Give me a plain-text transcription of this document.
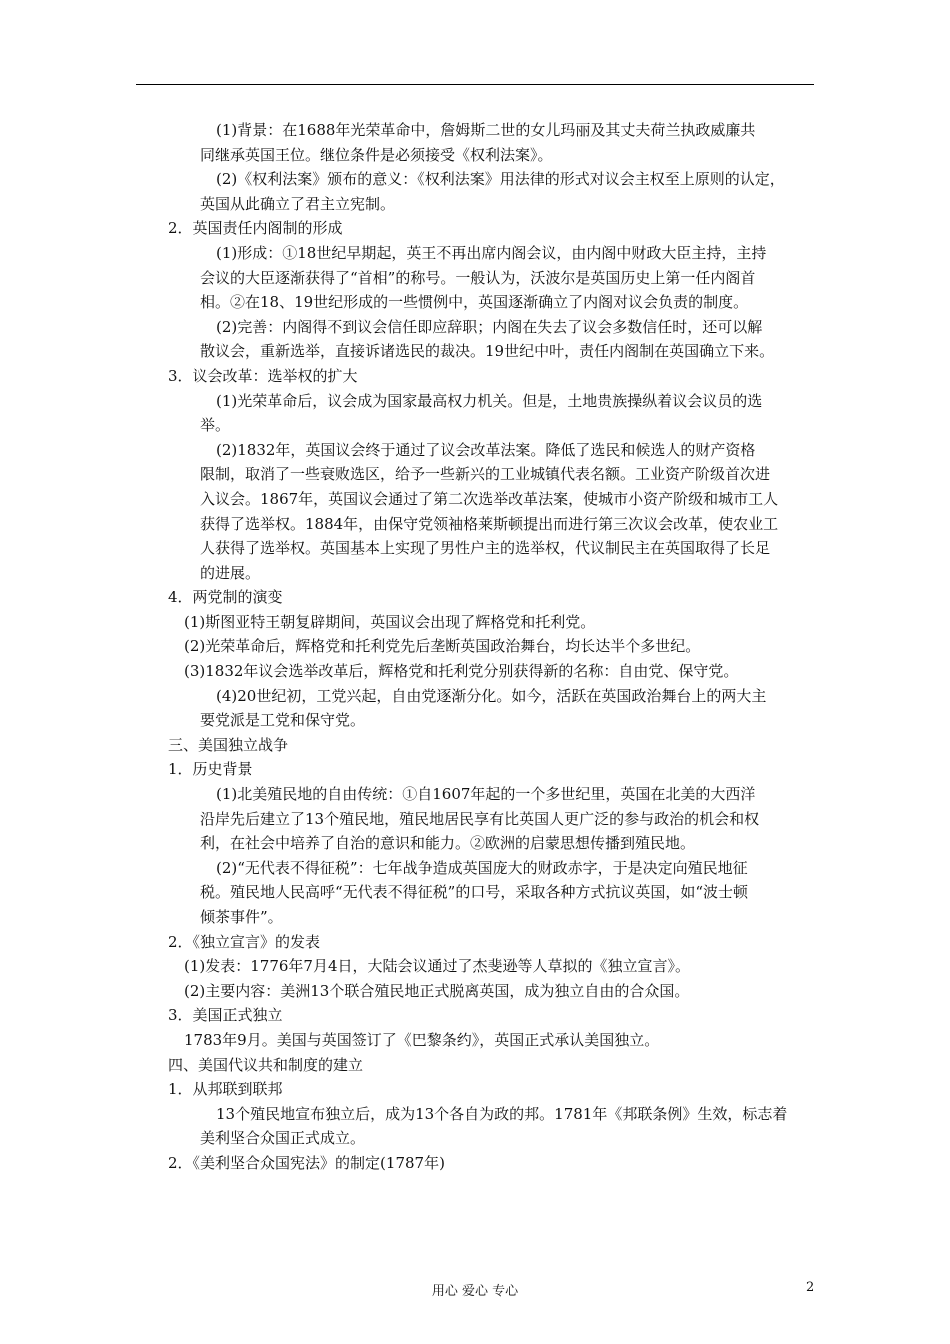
(1)背景：在1688年光荣革命中，詹姆斯二世的女儿玛丽及其丈夫荷兰执政威廉共
同继承英国王位。继位条件是必须接受《权利法案》。
(2)《权利法案》颁布的意义：《权利法案》用法律的形式对议会主权至上原则的认定，
英国从此确立了君主立宪制。
2．英国责任内阁制的形成
(1)形成：①18世纪早期起，英王不再出席内阁会议，由内阁中财政大臣主持，主持
会议的大臣逐渐获得了“首相”的称号。一般认为，沃波尔是英国历史上第一任内阁首
相。②在18、19世纪形成的一些惯例中，英国逐渐确立了内阁对议会负责的制度。
(2)完善：内阁得不到议会信任即应辞职；内阁在失去了议会多数信任时，还可以解
散议会，重新选举，直接诉诸选民的裁决。19世纪中叶，责任内阁制在英国确立下来。
3．议会改革：选举权的扩大
(1)光荣革命后，议会成为国家最高权力机关。但是，土地贵族操纵着议会议员的选
举。
(2)1832年，英国议会终于通过了议会改革法案。降低了选民和候选人的财产资格
限制，取消了一些衰败选区，给予一些新兴的工业城镇代表名额。工业资产阶级首次进
入议会。1867年，英国议会通过了第二次选举改革法案，使城市小资产阶级和城市工人
获得了选举权。1884年，由保守党领袖格莱斯顿提出而进行第三次议会改革，使农业工
人获得了选举权。英国基本上实现了男性户主的选举权，代议制民主在英国取得了长足
的进展。
4．两党制的演变
(1)斯图亚特王朝复辟期间，英国议会出现了辉格党和托利党。
(2)光荣革命后，辉格党和托利党先后垄断英国政治舞台，均长达半个多世纪。
(3)1832年议会选举改革后，辉格党和托利党分别获得新的名称：自由党、保守党。
(4)20世纪初，工党兴起，自由党逐渐分化。如今，活跃在英国政治舞台上的两大主
要党派是工党和保守党。
三、美国独立战争
1．历史背景
(1)北美殖民地的自由传统：①自1607年起的一个多世纪里，英国在北美的大西洋
沿岸先后建立了13个殖民地，殖民地居民享有比英国人更广泛的参与政治的机会和权
利，在社会中培养了自治的意识和能力。②欧洲的启蒙思想传播到殖民地。
(2)“无代表不得征税”：七年战争造成英国庞大的财政赤字，于是决定向殖民地征
税。殖民地人民高呼“无代表不得征税”的口号，采取各种方式抗议英国，如“波士顿
倾茶事件”。
2．《独立宣言》的发表
(1)发表：1776年7月4日，大陆会议通过了杰斐逊等人草拟的《独立宣言》。
(2)主要内容：美洲13个联合殖民地正式脱离英国，成为独立自由的合众国。
3．美国正式独立
1783年9月。美国与英国签订了《巴黎条约》，英国正式承认美国独立。
四、美国代议共和制度的建立
1．从邦联到联邦
13个殖民地宣布独立后，成为13个各自为政的邦。1781年《邦联条例》生效，标志着
美利坚合众国正式成立。
2．《美利坚合众国宪法》的制定(1787年)
用心 爱心 专心	2
